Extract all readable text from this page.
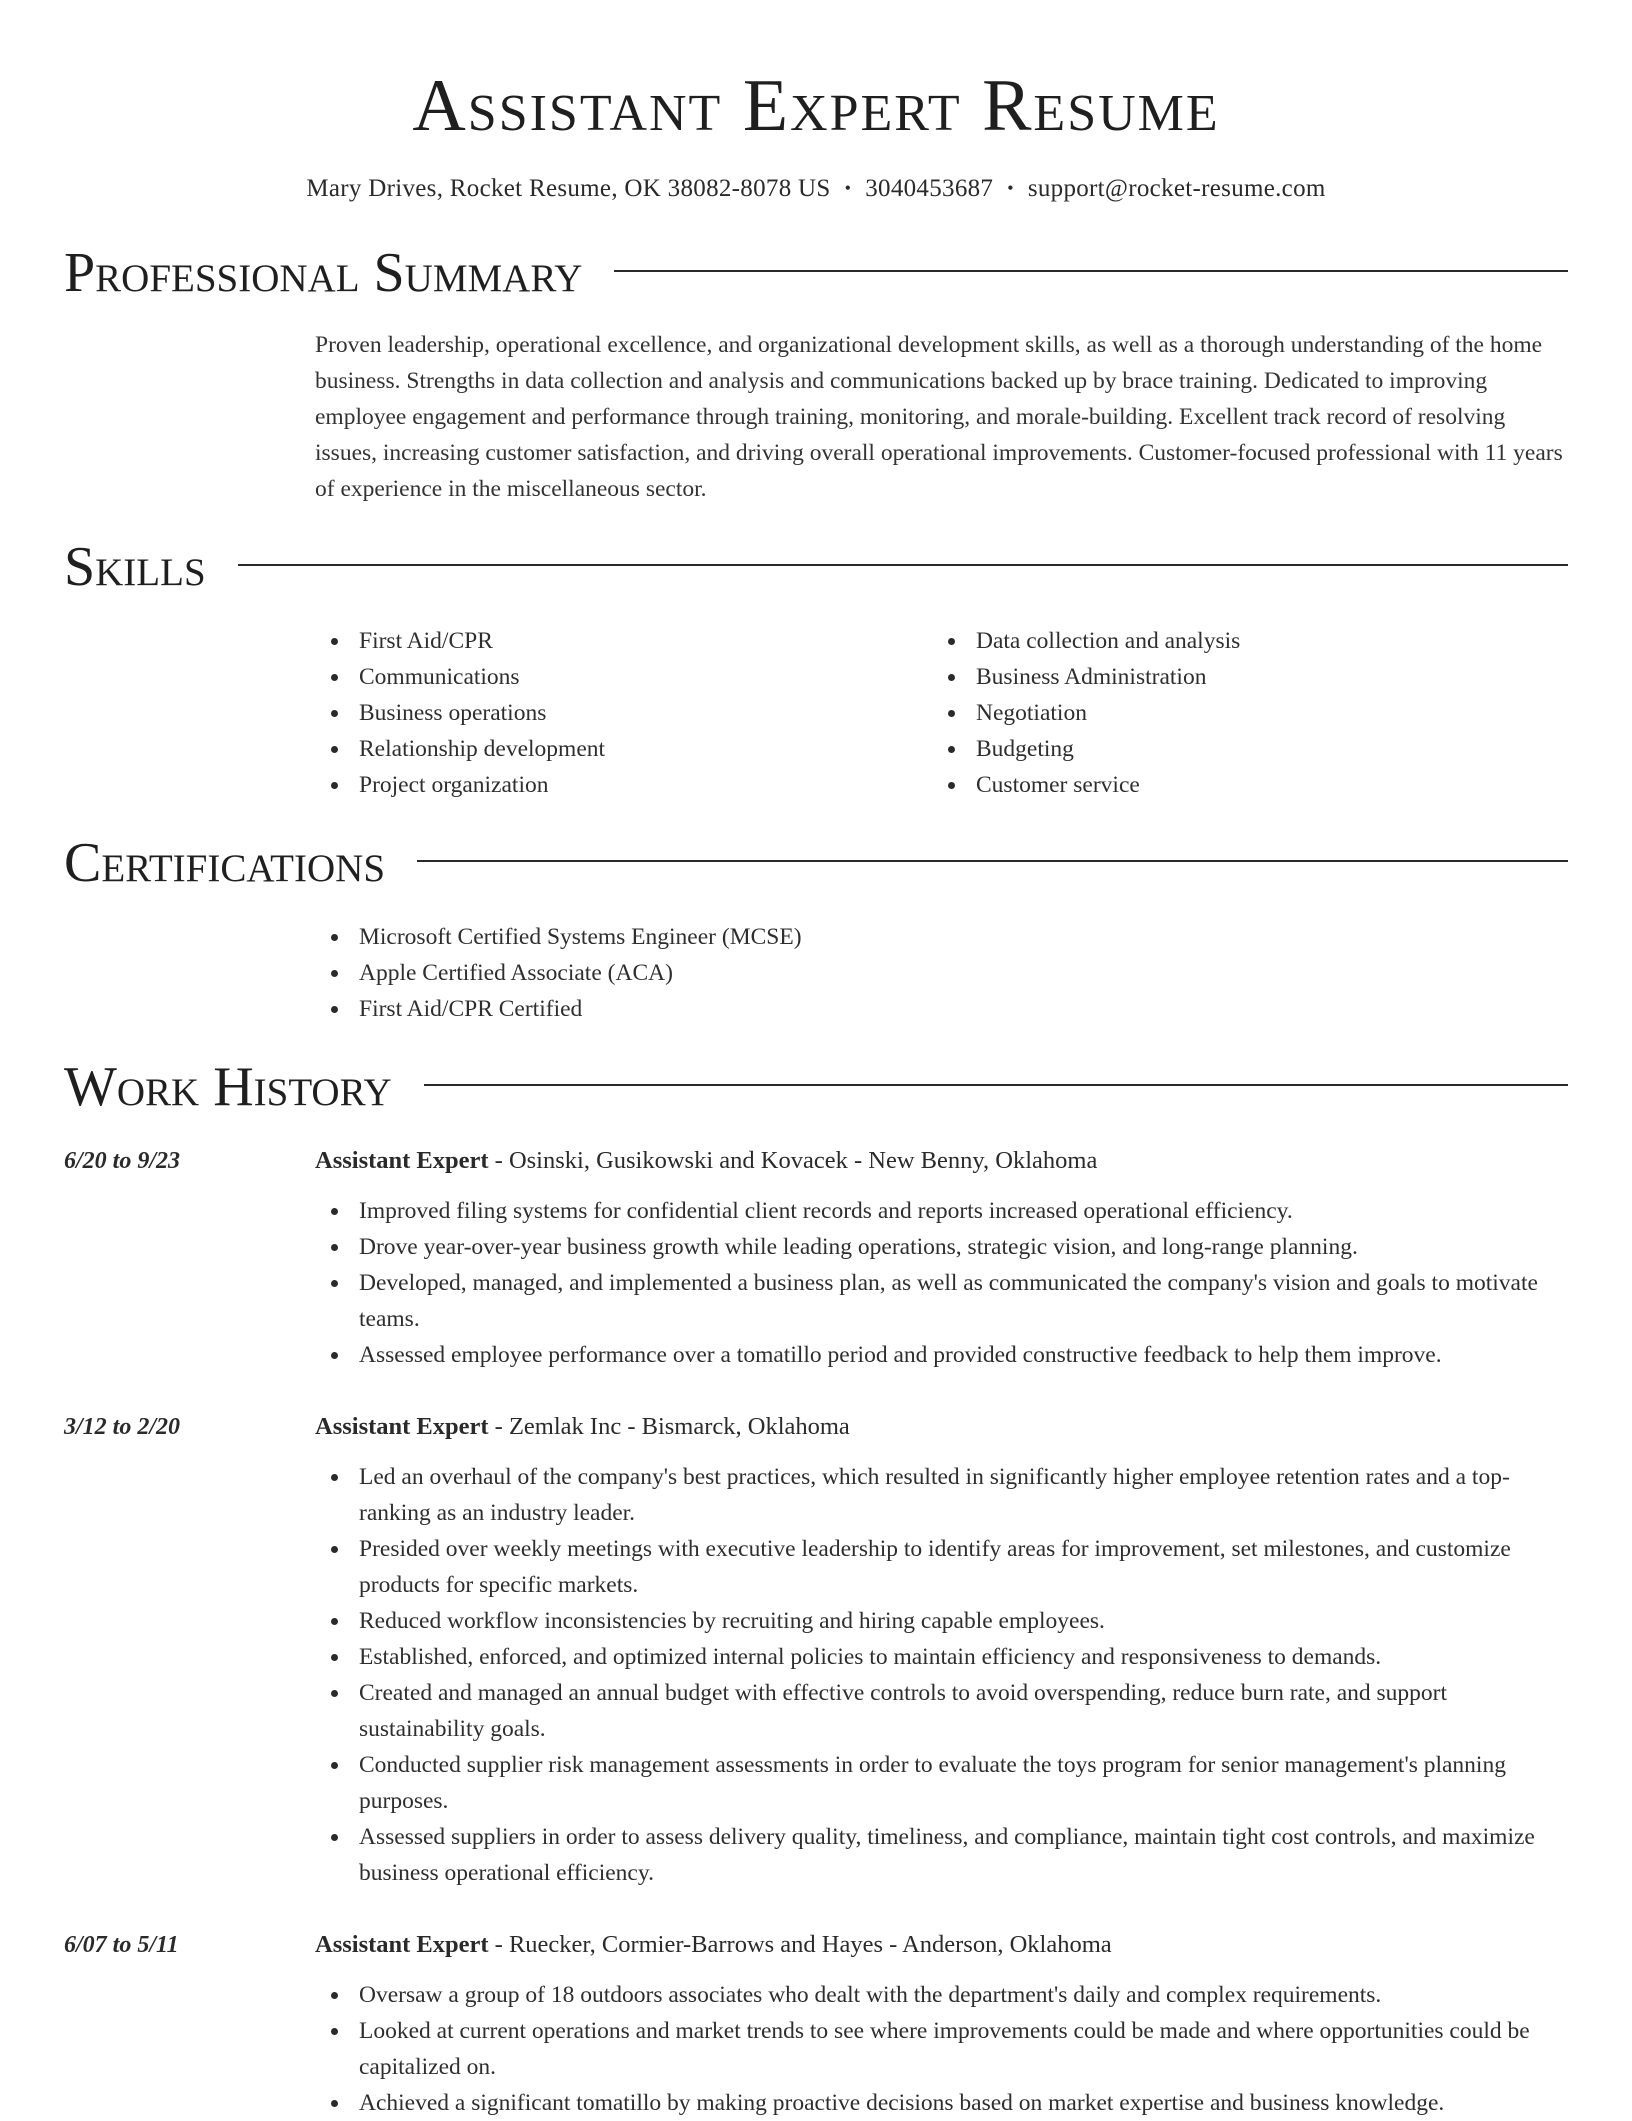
Assistant Expert Resume
Mary Drives, Rocket Resume, OK 38082-8078 US • 3040453687 • support@rocket-resume.com
Professional Summary

Proven leadership, operational excellence, and organizational development skills, as well as a thorough understanding of the home business. Strengths in data collection and analysis and communications backed up by brace training. Dedicated to improving employee engagement and performance through training, monitoring, and morale-building. Excellent track record of resolving issues, increasing customer satisfaction, and driving overall operational improvements. Customer-focused professional with 11 years of experience in the miscellaneous sector.

Skills
First Aid/CPR
Communications
Business operations
Relationship development
Project organization
Data collection and analysis
Business Administration
Negotiation
Budgeting
Customer service
Certifications
Microsoft Certified Systems Engineer (MCSE)
Apple Certified Associate (ACA)
First Aid/CPR Certified
Work History
6/20 to 9/23	Assistant Expert - Osinski, Gusikowski and Kovacek - New Benny, Oklahoma
Improved filing systems for confidential client records and reports increased operational efficiency.
Drove year-over-year business growth while leading operations, strategic vision, and long-range planning.
Developed, managed, and implemented a business plan, as well as communicated the company's vision and goals to motivate teams.
Assessed employee performance over a tomatillo period and provided constructive feedback to help them improve.
3/12 to 2/20	Assistant Expert - Zemlak Inc - Bismarck, Oklahoma
Led an overhaul of the company's best practices, which resulted in significantly higher employee retention rates and a top-ranking as an industry leader.
Presided over weekly meetings with executive leadership to identify areas for improvement, set milestones, and customize products for specific markets.
Reduced workflow inconsistencies by recruiting and hiring capable employees.
Established, enforced, and optimized internal policies to maintain efficiency and responsiveness to demands.
Created and managed an annual budget with effective controls to avoid overspending, reduce burn rate, and support sustainability goals.
Conducted supplier risk management assessments in order to evaluate the toys program for senior management's planning purposes.
Assessed suppliers in order to assess delivery quality, timeliness, and compliance, maintain tight cost controls, and maximize business operational efficiency.
6/07 to 5/11	Assistant Expert - Ruecker, Cormier-Barrows and Hayes - Anderson, Oklahoma
Oversaw a group of 18 outdoors associates who dealt with the department's daily and complex requirements.
Looked at current operations and market trends to see where improvements could be made and where opportunities could be capitalized on.
Achieved a significant tomatillo by making proactive decisions based on market expertise and business knowledge.
